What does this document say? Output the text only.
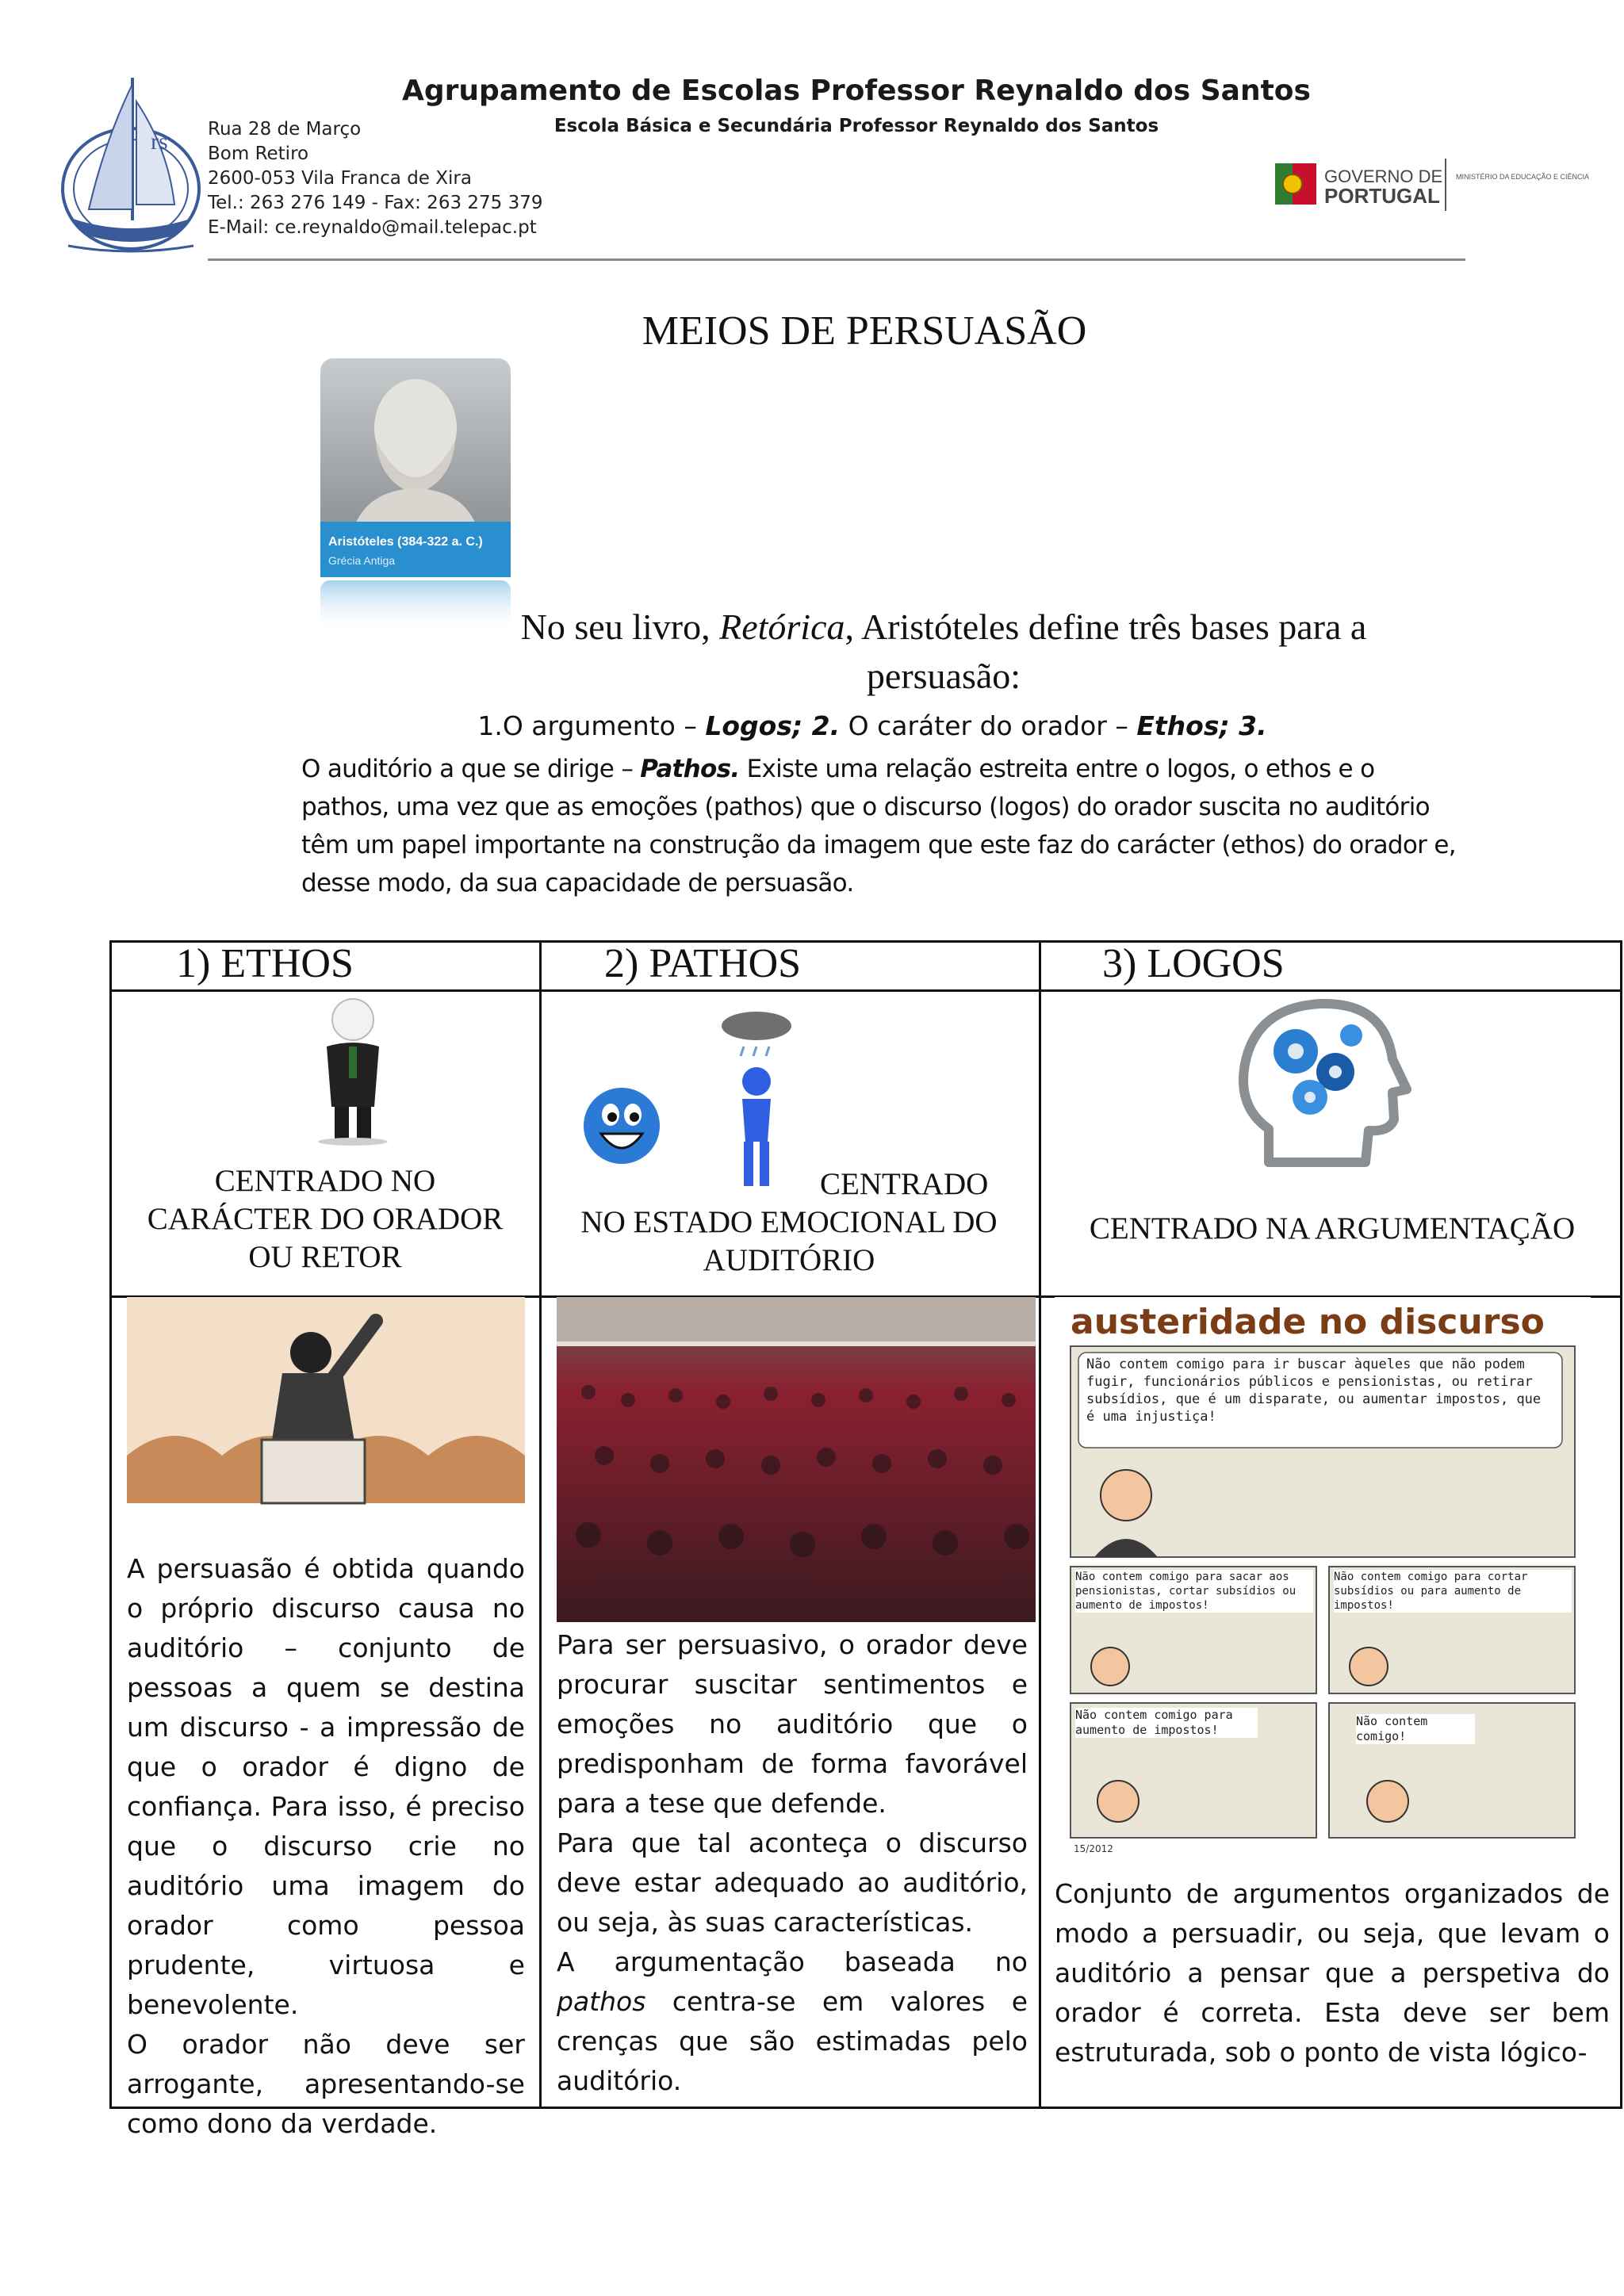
rs Rua 28 de Março
Bom Retiro
2600-053 Vila Franca de Xira
Tel.: 263 276 149 - Fax: 263 275 379
E-Mail: ce.reynaldo@mail.telepac.pt
Agrupamento de Escolas Professor Reynaldo dos Santos
Escola Básica e Secundária Professor Reynaldo dos Santos
GOVERNO DE
PORTUGAL
MINISTÉRIO DA EDUCAÇÃO E CIÊNCIA
MEIOS DE PERSUASÃO
Aristóteles (384-322 a. C.)
Grécia Antiga
No seu livro, Retórica, Aristóteles define três bases para a persuasão:
1.O argumento – Logos; 2. O caráter do orador – Ethos; 3.
O auditório a que se dirige – Pathos. Existe uma relação estreita entre o logos, o ethos e o pathos, uma vez que as emoções (pathos) que o discurso (logos) do orador suscita no auditório têm um papel importante na construção da imagem que este faz do carácter (ethos) do orador e, desse modo, da sua capacidade de persuasão.
1) ETHOS	2) PATHOS	3) LOGOS
CENTRADO NO
CARÁCTER DO ORADOR
OU RETOR
CENTRADO
NO ESTADO EMOCIONAL DO
AUDITÓRIO
CENTRADO NA ARGUMENTAÇÃO
A persuasão é obtida quando o próprio discurso causa no auditório – conjunto de pessoas a quem se destina um discurso - a impressão de que o orador é digno de confiança. Para isso, é preciso que o discurso crie no auditório uma imagem do orador como pessoa prudente, virtuosa e benevolente.
O orador não deve ser arrogante, apresentando-se como dono da verdade.
Para ser persuasivo, o orador deve procurar suscitar sentimentos e emoções no auditório que o predisponham de forma favorável para a tese que defende.
Para que tal aconteça o discurso deve estar adequado ao auditório, ou seja, às suas características.
A argumentação baseada no pathos centra-se em valores e crenças que são estimadas pelo auditório.
austeridade no discurso
Não contem comigo para ir buscar àqueles que não podem fugir, funcionários públicos e pensionistas, ou retirar subsídios, que é um disparate, ou aumentar impostos, que é uma injustiça!
Não contem comigo para sacar aos pensionistas, cortar subsídios ou aumento de impostos!
Não contem comigo para cortar subsídios ou para aumento de impostos!
Não contem comigo para aumento de impostos!
Não contem comigo!
15/2012
Conjunto de argumentos organizados de modo a persuadir, ou seja, que levam o auditório a pensar que a perspetiva do orador é correta. Esta deve ser bem estruturada, sob o ponto de vista lógico-
